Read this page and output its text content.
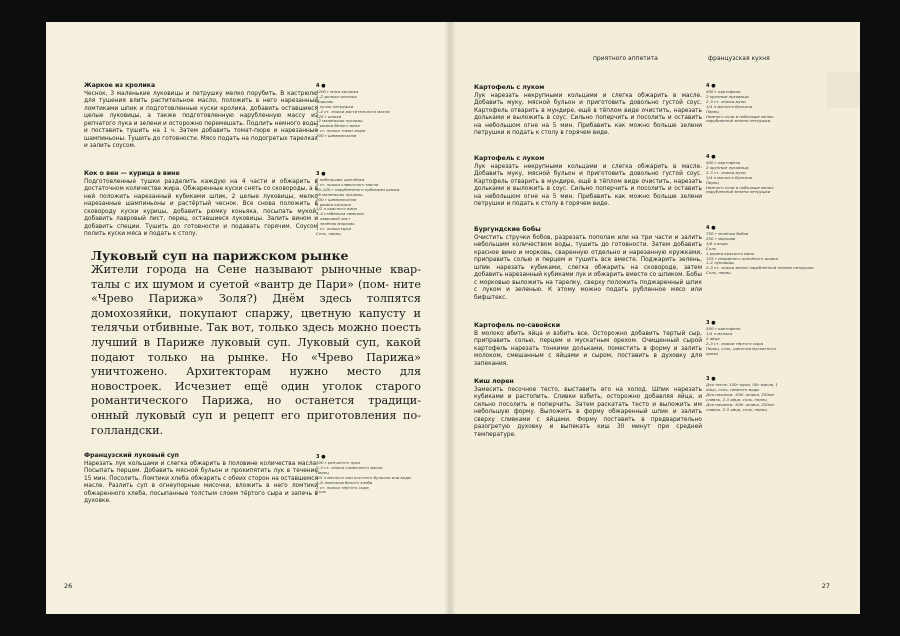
Жаркое из кролика

Чеснок, 3 маленькие луковицы и петрушку мелко порубить. В кастрюлю для тушения влить растительное масло, положить в него нарезанный ломтиками шпик и подготовленные куски кролика, добавить оставшиеся целые луковицы, а также подготовленную нарубленную массу из репчатого лука и зелени и осторожно перемешать. Подлить немного воды и поставить тушить на 1 ч. Затем добавить томат-пюре и нарезанные шампиньоны. Тушить до готовности. Мясо подать на подогретых тарелках и залить соусом.

4 ●
1200 г мяса кролика
1–2 дольки чеснока
Морковь
1 пучок петрушки
3–4 ст. ложки растительного масла
125 г шпика
12 маленьких луковиц
2 рюмки белого вина
2 ст. ложки томат-пюре
200 г шампиньонов
Кок о вен — курица в вине

Подготовленные тушки разделить каждую на 4 части и обжарить в достаточном количестве жира. Обжаренные куски снять со сковороды, а в ней положить нарезанный кубиками шпик, 2 целые луковицы, мелко нарезанные шампиньоны и растёртый чеснок. Все снова положить в сковороду куски курицы, добавить рюмку коньяка, посыпать мукой, добавить лавровый лист, перец, оставшиеся луковицы. Залить вином и добавить специи. Тушить до готовности и подавать горячим. Соусом полить куски мяса и подать к столу.

3 ●
2 небольших цыплёнка
3 ст. ложки сливочного масла
50–100 г нарубленного кубиками шпика
16 маленьких луковиц
200 г шампиньонов
1 рюмка коньяка
1/2 л красного вина
3–4 стебелька тимьяна
1 лавровый лист
1 зелёная морковь
1 ст. ложка муки
Соль, перец
Луковый суп на парижском рынке

Жители города на Сене называют рыночные квар- талы с их шумом и суетой «вантр де Пари» (пом- ните «Чрево Парижа» Золя?) Днём здесь толпятся домохозяйки, покупают спаржу, цветную капусту и телячьи отбивные. Так вот, только здесь можно поесть лучший в Париже луковый суп. Луковый суп, какой подают только на рынке. Но «Чрево Парижа» уничтожено. Архитекторам нужно место для новостроек. Исчезнет ещё один уголок старого романтического Парижа, но останется традици- онный луковый суп и рецепт его приготовления по-голландски.

Французский луковый суп

Нарезать лук кольцами и слегка обжарить в половине количества масла. Посыпать перцем. Добавить мясной бульон и прокипятить лук в течение 15 мин. Посолить. Ломтики хлеба обжарить с обеих сторон на оставшемся масле. Разлить суп в огнеупорные мисочки, вложить в него ломтики обжаренного хлеба, посыпанные толстым слоем тёртого сыра и запечь в духовке.

3 ●
500 г репчатого лука
2–3 ст. ложки сливочного масла
Перец
3/4 л мясного или костного бульона или воды
4–6 ломтиков белого хлеба
2 ст. ложки тёртого сыра
Соль
26
приятного аппетита	французская кухня
Картофель с луком

Лук нарезать некрупными кольцами и слегка обжарить в масле. Добавить муку, мясной бульон и приготовить довольно густой соус. Картофель отварить в мундире, ещё в тёплом виде очистить, нарезать дольками и выложить в соус. Сильно поперчить и посолить и оставить на небольшом огне на 5 мин. Прибавить как можно больше зелени петрушки и подать к столу в горячем виде.

4 ●
500 г картофеля
2 крупные луковицы
2–3 ст. ложки муки
1/4 л мясного бульона
Перец
Немного соли и побольше мелко нарубленной зелени петрушки
Картофель с луком

Лук нарезать некрупными кольцами и слегка обжарить в масле. Добавить муку, мясной бульон и приготовить довольно густой соус. Картофель отварить в мундире, ещё в тёплом виде очистить, нарезать дольками и выложить в соус. Сильно поперчить и посолить и оставить на небольшом огне на 5 мин. Прибавить как можно больше зелени петрушки и подать к столу в горячем виде.

4 ●
500 г картофеля
2 крупные луковицы
2–3 ст. ложки муки
1/4 л мясного бульона
Перец
Немного соли и побольше мелко нарубленной зелени петрушки
Бургундские бобы

Очистить стручки бобов, разрезать пополам или на три части и залить небольшим количеством воды, тушить до готовности. Затем добавить красное вино и морковь, сваренную отдельно и нарезанную кружками, приправить солью и перцем и тушить все вместе. Поджарить зелень, шпик нарезать кубиками, слегка обжарить на сковороде, затем добавить нарезанный кубиками лук и обжарить вместе со шпиком. Бобы с морковью выложить на тарелку, сверху положить поджаренный шпик с луком и зеленью. К этому можно подать рубленное мясо или бифштекс.

4 ●
750 г зелёных бобов
250 г моркови
1/8 л воды
Соль
1 рюмка красного вина
125 г нежирного копчёного шпика
1–2 луковицы
2–3 ст. ложки мелко нарубленной зелени петрушки
Соль, перец
Картофель по-савойски

В молоко вбить яйца и взбить все. Осторожно добавить тертый сыр, приправить солью, перцем и мускатным орехом. Очищенный сырой картофель нарезать тонкими дольками, поместить в форму и залить молоком, смешанным с яйцами и сыром, поставить в духовку для запекания.

3 ●
500 г картофеля
1/4 л молока
2 яйца
2–3 ст. ложки тёртого сыра
Перец, соль, щепотка мускатного ореха
Киш лорен

Замесить песочное тесто, выставить его на холод. Шпик нарезать кубиками и растопить. Сливки взбить, осторожно добавляя яйца, и сильно посолить и поперчить. Затем раскатать тесто и выложить им небольшую форму. Выложить в форму обжаренный шпик и залить сверху сливками с яйцами. Форму поставить в предварительно разогретую духовку и выпекать киш 30 минут при средней температуре.

3 ●
Для теста: 150г муки, 50г масла, 1 яйцо, соль, немного воды
Для начинки: 100г шпика, 250мл сливок, 2-3 яйца, соль, перец
Для начинки: 100г шпика, 250мл сливок, 2-3 яйца, соль, перец
27
